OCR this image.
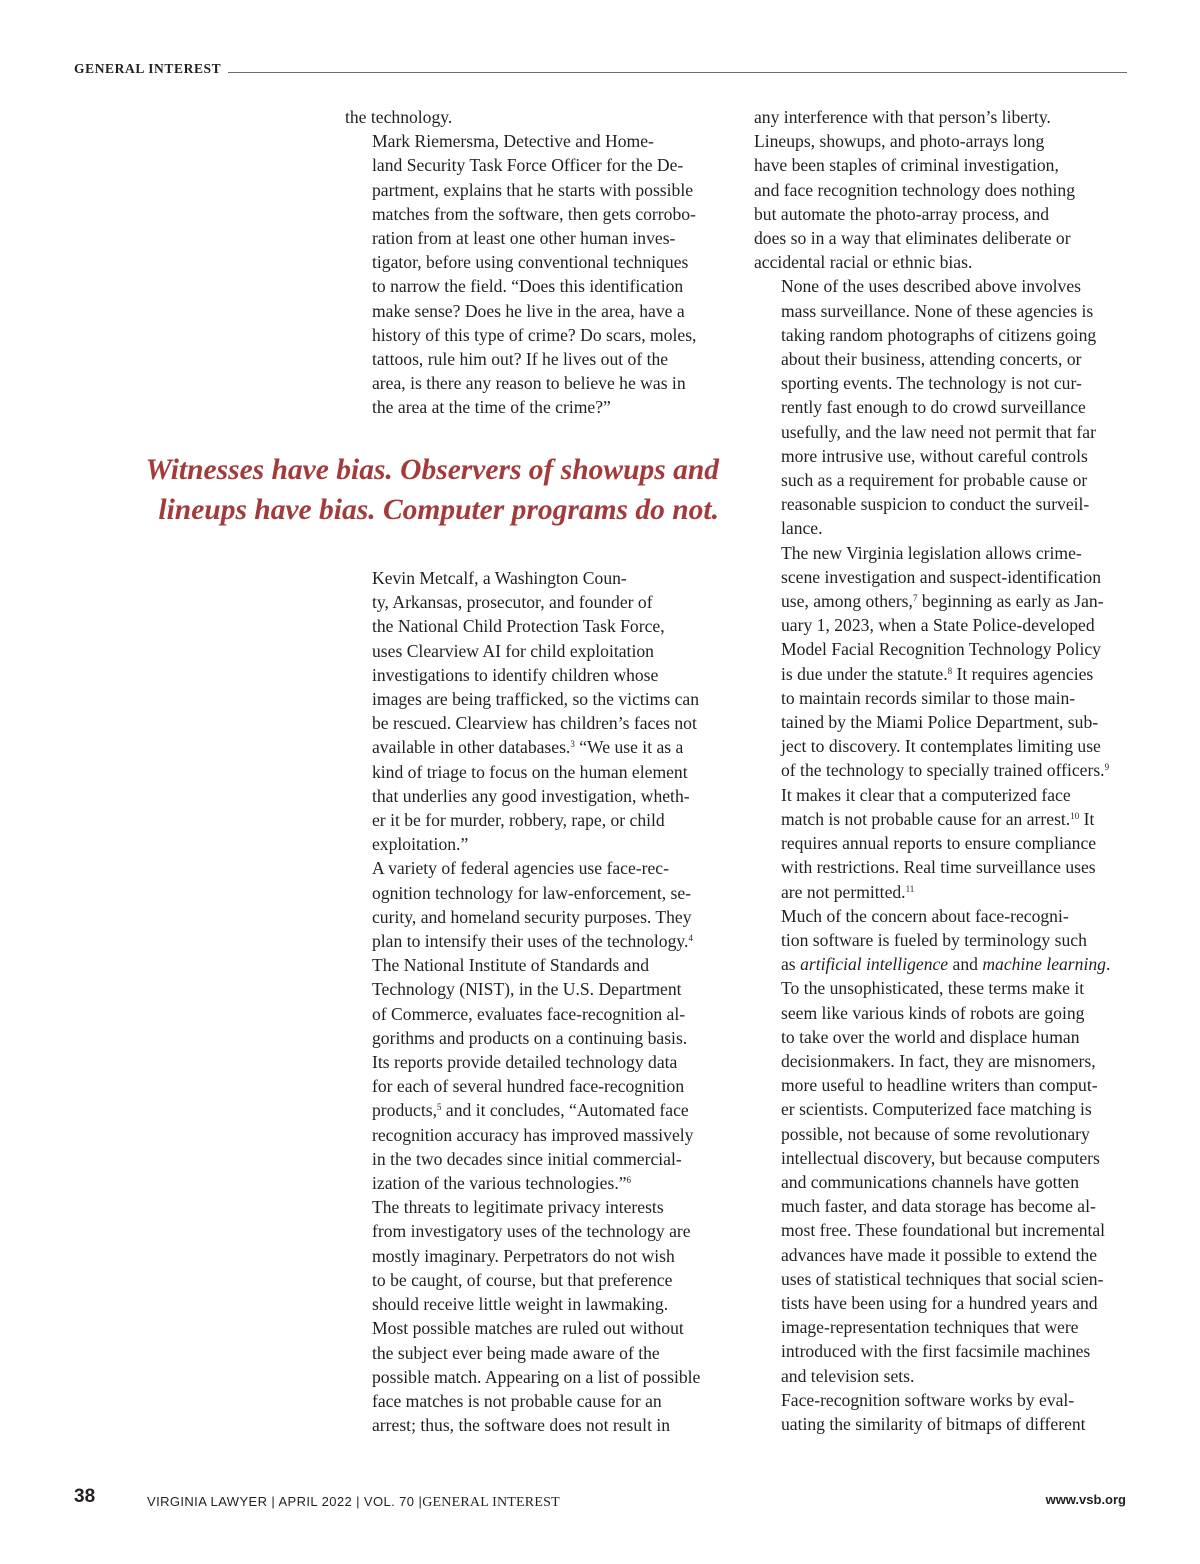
GENERAL INTEREST

the technology.

Mark Riemersma, Detective and Home-
land Security Task Force Officer for the De-
partment, explains that he starts with possible
matches from the software, then gets corrobo-
ration from at least one other human inves-
tigator, before using conventional techniques
to narrow the field. “Does this identification
make sense? Does he live in the area, have a
history of this type of crime? Do scars, moles,
tattoos, rule him out? If he lives out of the
area, is there any reason to believe he was in
the area at the time of the crime?”

Witnesses have bias. Observers of showups and
lineups have bias. Computer programs do not.

Kevin Metcalf, a Washington Coun-
ty, Arkansas, prosecutor, and founder of
the National Child Protection Task Force,
uses Clearview AI for child exploitation
investigations to identify children whose
images are being trafficked, so the victims can
be rescued. Clearview has children’s faces not
available in other databases.$^3$ “We use it as a
kind of triage to focus on the human element
that underlies any good investigation, wheth-
er it be for murder, robbery, rape, or child
exploitation.”

A variety of federal agencies use face-rec-
ognition technology for law-enforcement, se-
curity, and homeland security purposes. They
plan to intensify their uses of the technology.$^4$

The National Institute of Standards and
Technology (NIST), in the U.S. Department
of Commerce, evaluates face-recognition al-
gorithms and products on a continuing basis.
Its reports provide detailed technology data
for each of several hundred face-recognition
products,$^5$ and it concludes, “Automated face
recognition accuracy has improved massively
in the two decades since initial commercial-
ization of the various technologies.”$^6$

The threats to legitimate privacy interests
from investigatory uses of the technology are
mostly imaginary. Perpetrators do not wish
to be caught, of course, but that preference
should receive little weight in lawmaking.
Most possible matches are ruled out without
the subject ever being made aware of the
possible match. Appearing on a list of possible
face matches is not probable cause for an
arrest; thus, the software does not result in

any interference with that person’s liberty.
Lineups, showups, and photo-arrays long
have been staples of criminal investigation,
and face recognition technology does nothing
but automate the photo-array process, and
does so in a way that eliminates deliberate or
accidental racial or ethnic bias.

None of the uses described above involves
mass surveillance. None of these agencies is
taking random photographs of citizens going
about their business, attending concerts, or
sporting events. The technology is not cur-
rently fast enough to do crowd surveillance
usefully, and the law need not permit that far
more intrusive use, without careful controls
such as a requirement for probable cause or
reasonable suspicion to conduct the surveil-
lance.

The new Virginia legislation allows crime-
scene investigation and suspect-identification
use, among others,$^7$ beginning as early as Jan-
uary 1, 2023, when a State Police-developed
Model Facial Recognition Technology Policy
is due under the statute.$^8$ It requires agencies
to maintain records similar to those main-
tained by the Miami Police Department, sub-
ject to discovery. It contemplates limiting use
of the technology to specially trained officers.$^9$
It makes it clear that a computerized face
match is not probable cause for an arrest.$^{10}$ It
requires annual reports to ensure compliance
with restrictions. Real time surveillance uses
are not permitted.$^{11}$

Much of the concern about face-recogni-
tion software is fueled by terminology such
as artificial intelligence and machine learning.
To the unsophisticated, these terms make it
seem like various kinds of robots are going
to take over the world and displace human
decisionmakers. In fact, they are misnomers,
more useful to headline writers than comput-
er scientists. Computerized face matching is
possible, not because of some revolutionary
intellectual discovery, but because computers
and communications channels have gotten
much faster, and data storage has become al-
most free. These foundational but incremental
advances have made it possible to extend the
uses of statistical techniques that social scien-
tists have been using for a hundred years and
image-representation techniques that were
introduced with the first facsimile machines
and television sets.

Face-recognition software works by eval-
uating the similarity of bitmaps of different

38	VIRGINIA LAWYER | APRIL 2022 | VOL. 70 |GENERAL INTEREST	www.vsb.org
